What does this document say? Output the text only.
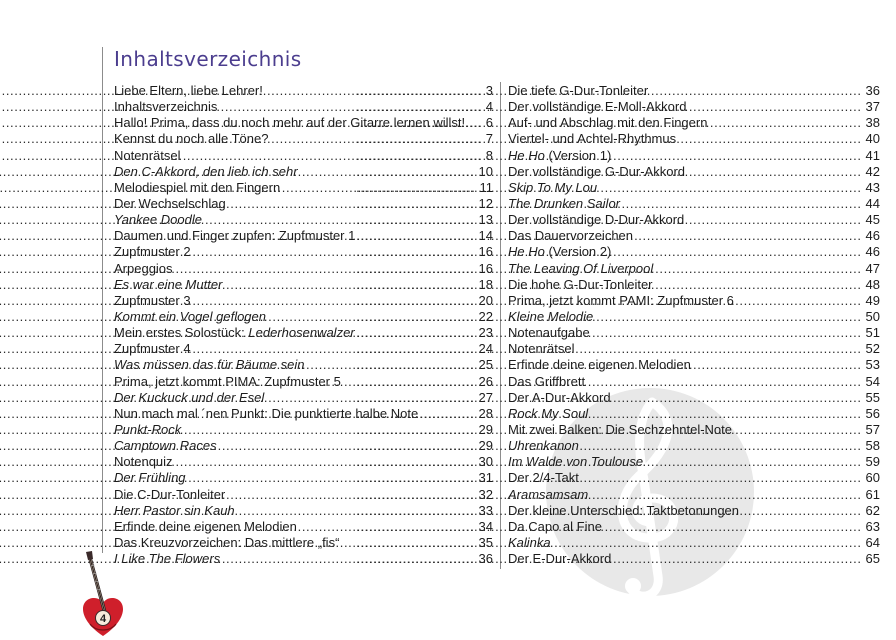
Inhaltsverzeichnis
Liebe Eltern, liebe Lehrer! .....	3
Inhaltsverzeichnis .....	4
Hallo! Prima, dass du noch mehr auf der Gitarre lernen willst! ..... 6
Kennst du noch alle Töne? .....	7
Notenrätsel .....	8
Den C-Akkord, den lieb ich sehr .....	10
Melodiespiel mit den Fingern .....	11
Der Wechselschlag .....	12
Yankee Doodle .....	13
Daumen und Finger zupfen: Zupfmuster 1 .....	14
Zupfmuster 2 .....	16
Arpeggios .....	16
Es war eine Mutter .....	18
Zupfmuster 3 .....	20
Kommt ein Vogel geflogen .....	22
Mein erstes Solostück: Lederhosenwalzer .....	23
Zupfmuster 4 .....	24
Was müssen das für Bäume sein .....	25
Prima, jetzt kommt PIMA: Zupfmuster 5 .....	26
Der Kuckuck und der Esel .....	27
Nun mach mal ´nen Punkt: Die punktierte halbe Note .....	28
Punkt-Rock .....	29
Camptown Races .....	29
Notenquiz .....	30
Der Frühling .....	31
Die C-Dur-Tonleiter .....	32
Herr Pastor sin Kauh .....	33
Erfinde deine eigenen Melodien .....	34
Das Kreuzvorzeichen: Das mittlere „fis“ .....	35
I Like The Flowers .....	36
Die tiefe G-Dur-Tonleiter .....	36
Der vollständige E-Moll-Akkord .....	37
Auf- und Abschlag mit den Fingern .....	38
Viertel- und Achtel-Rhythmus .....	40
He Ho (Version 1) .....	41
Der vollständige G-Dur-Akkord .....	42
Skip To My Lou .....	43
The Drunken Sailor .....	44
Der vollständige D-Dur-Akkord .....	45
Das Dauervorzeichen .....	46
He Ho (Version 2) .....	46
The Leaving Of Liverpool .....	47
Die hohe G-Dur-Tonleiter .....	48
Prima, jetzt kommt PAMI: Zupfmuster 6 .....	49
Kleine Melodie .....	50
Notenaufgabe .....	51
Notenrätsel .....	52
Erfinde deine eigenen Melodien .....	53
Das Griffbrett .....	54
Der A-Dur-Akkord .....	55
Rock My Soul .....	56
Mit zwei Balken: Die Sechzehntel-Note .....	57
Uhrenkanon .....	58
Im Walde von Toulouse .....	59
Der 2/4-Takt .....	60
Aramsamsam .....	61
Der kleine Unterschied: Taktbetonungen .....	62
Da Capo al Fine .....	63
Kalinka .....	64
Der E-Dur-Akkord .....	65
4
